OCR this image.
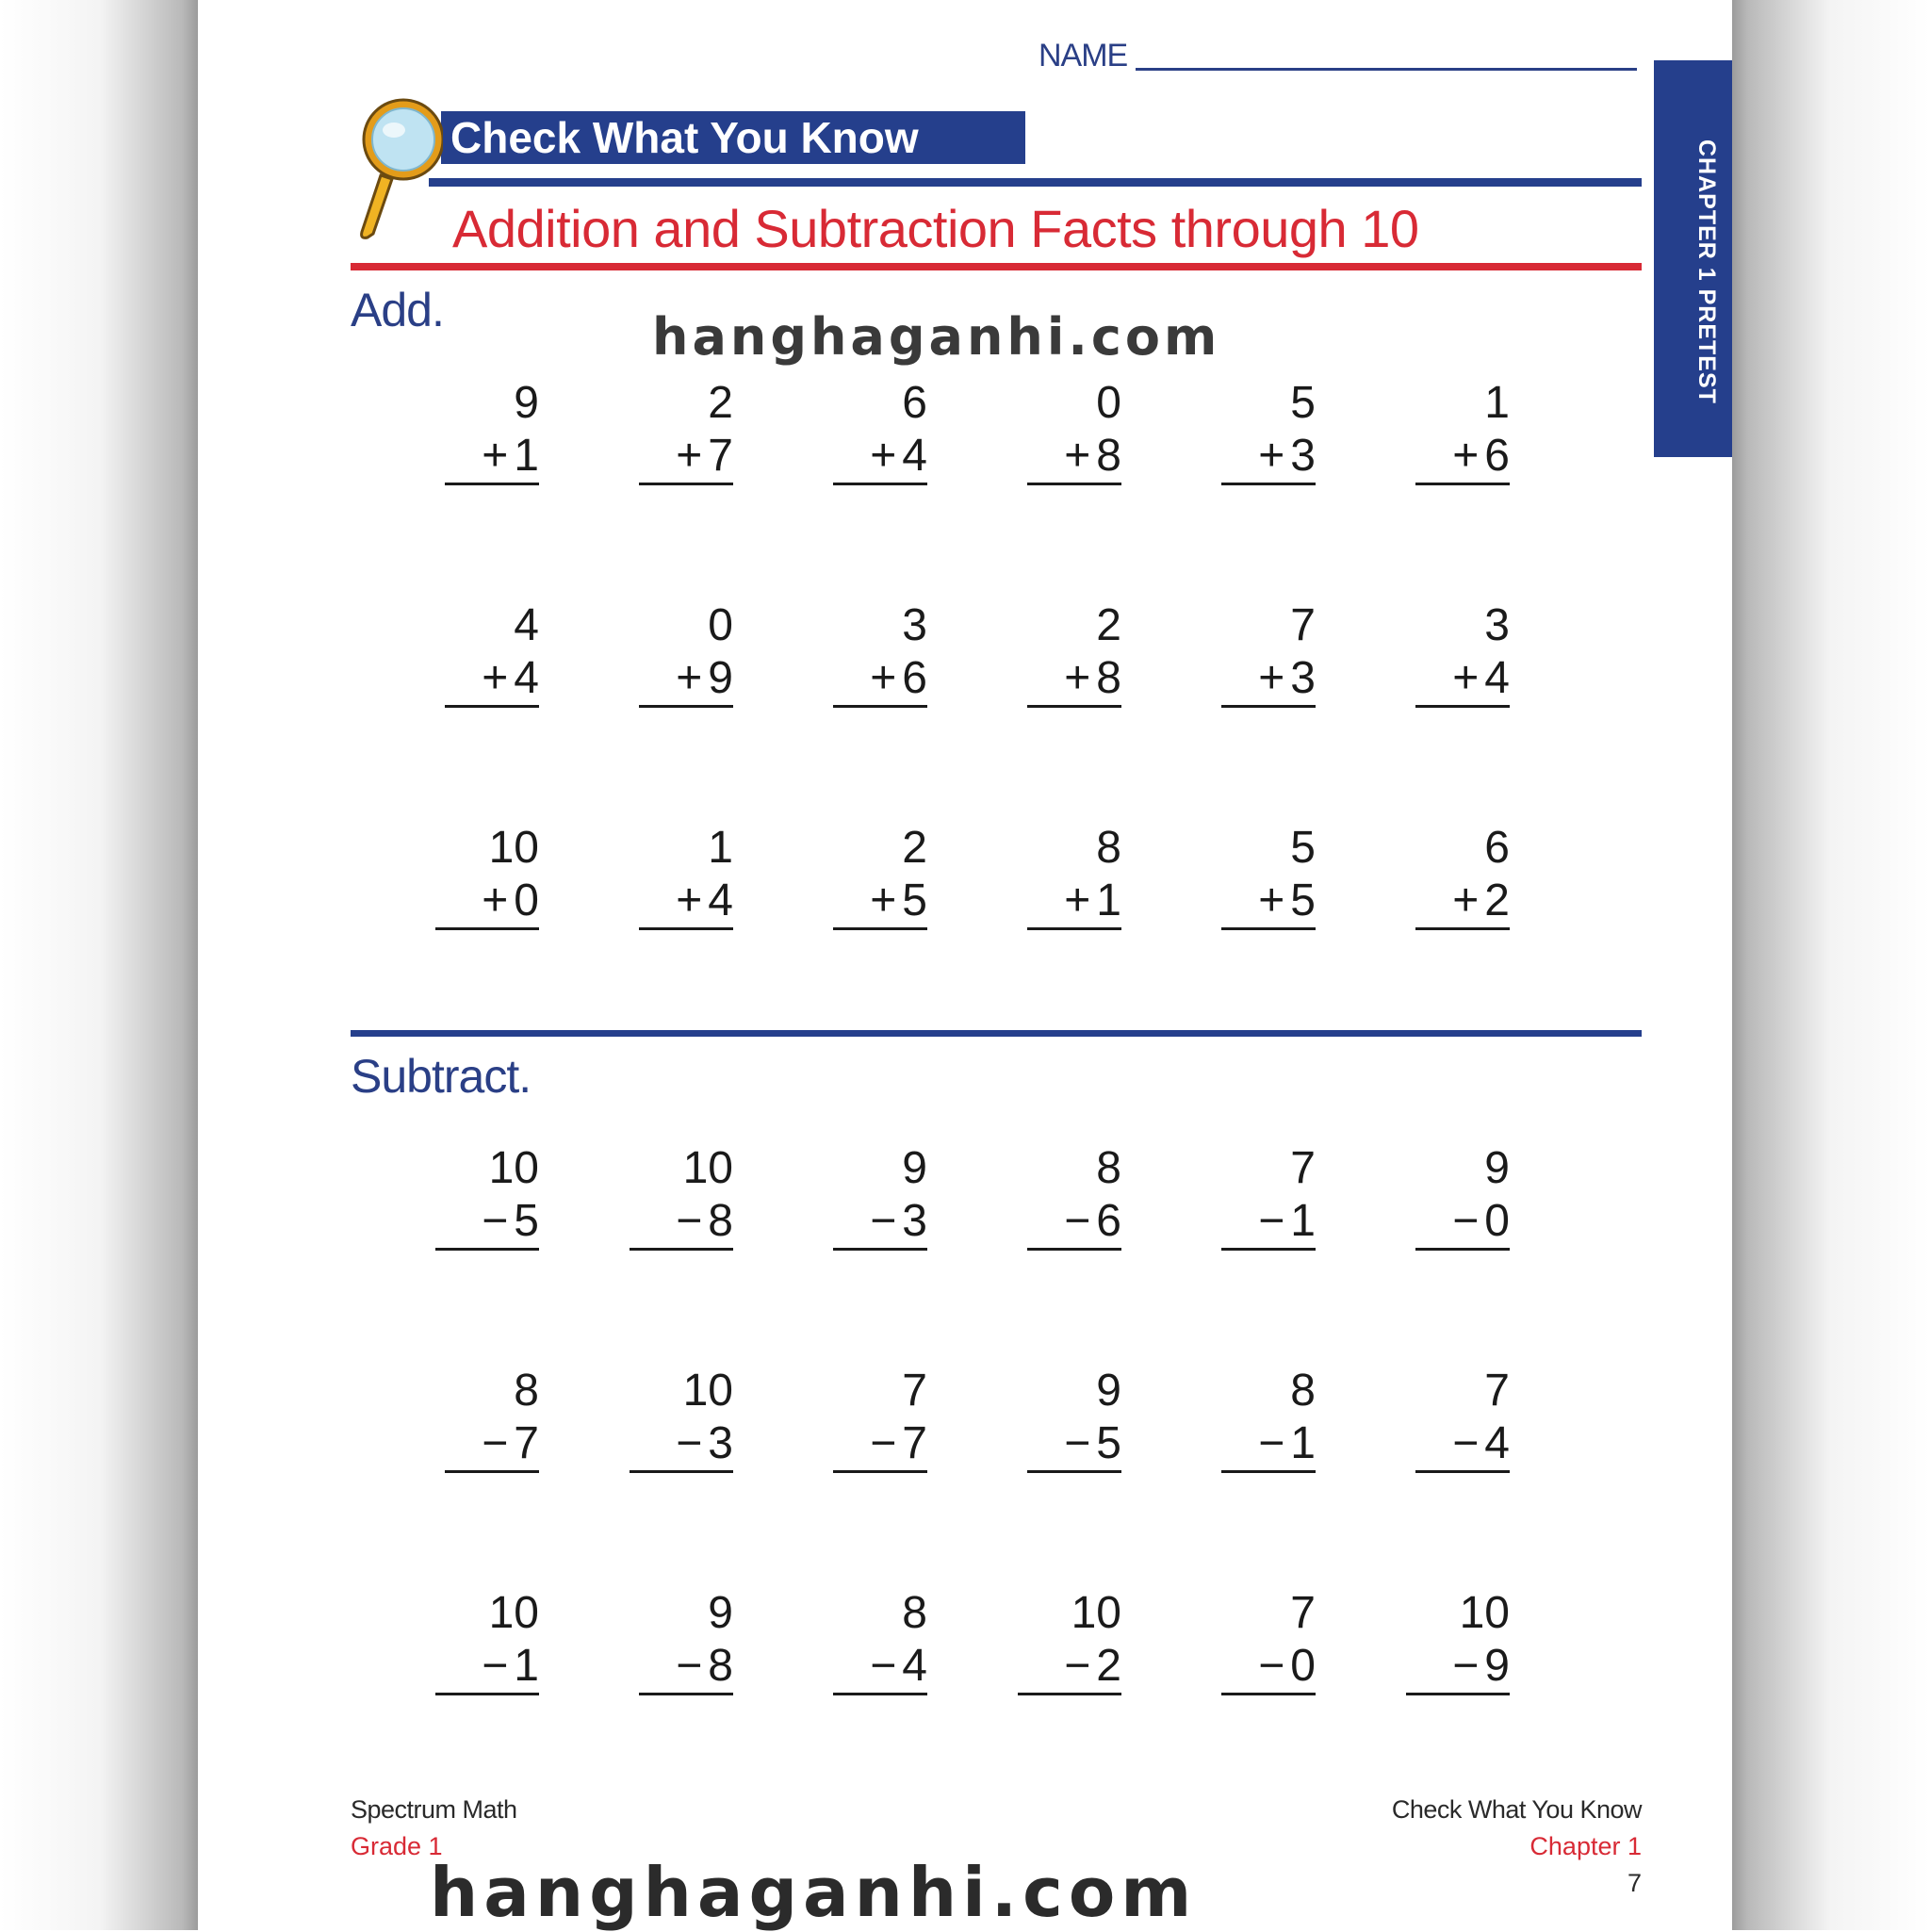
NAME
Check What You Know
Addition and Subtraction Facts through 10	CHAPTER 1 PRETEST
Add.
Subtract.
9
+ 1
2
+ 7
6
+ 4
0
+ 8
5
+ 3
1
+ 6
4
+ 4
0
+ 9
3
+ 6
2
+ 8
7
+ 3
3
+ 4
10
+ 0
1
+ 4
2
+ 5
8
+ 1
5
+ 5
6
+ 2
10
− 5
10
− 8
9
− 3
8
− 6
7
− 1
9
− 0
8
− 7
10
− 3
7
− 7
9
− 5
8
− 1
7
− 4
10
− 1
9
− 8
8
− 4
10
− 2
7
− 0
10
− 9
Spectrum Math
Grade 1
Check What You Know
Chapter 1
7
hanghaganhi.com
hanghaganhi.com
